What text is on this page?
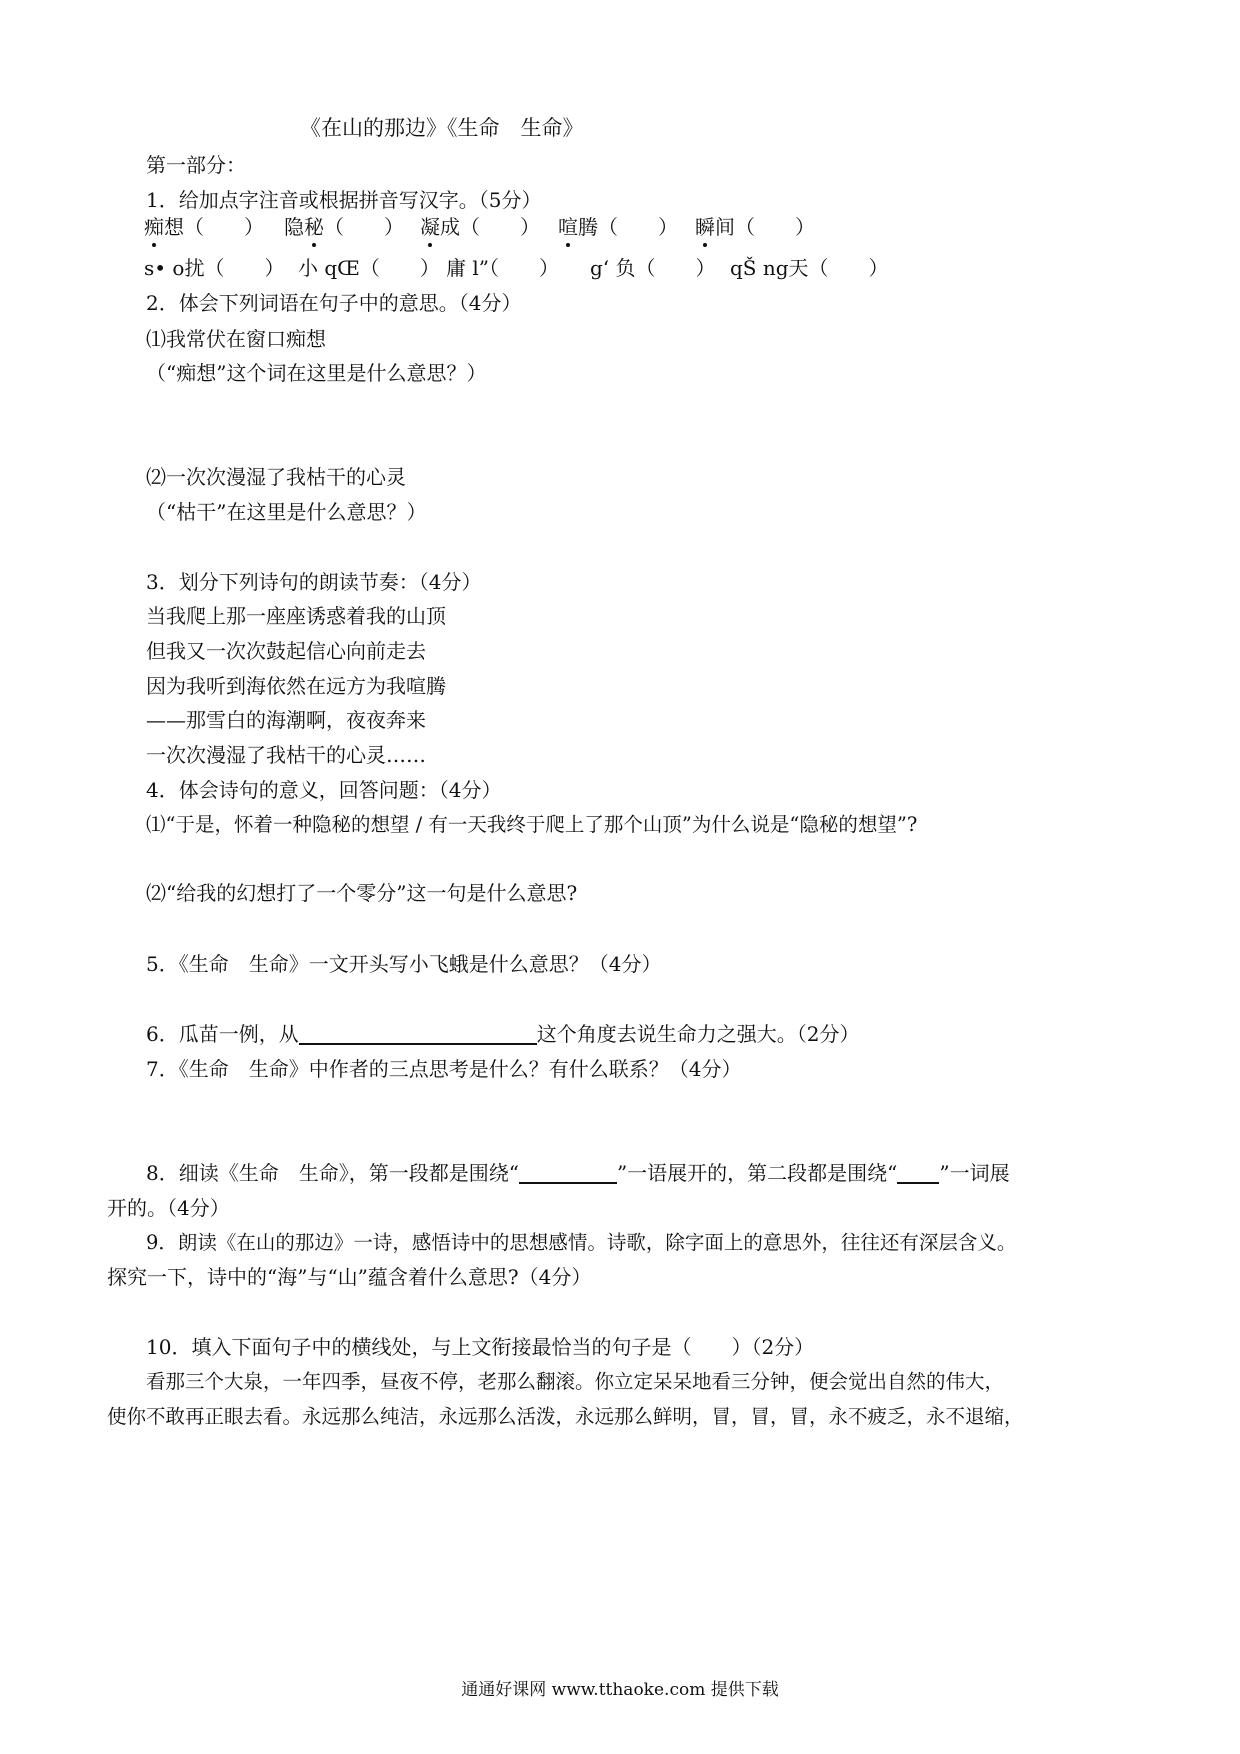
《在山的那边》《生命　生命》
第一部分：
1．给加点字注音或根据拼音写汉字。（5分）
痴想（　　） 隐秘（　　） 凝成（　　） 喧腾（　　） 瞬间（　　）
s• o扰（　　） 小 qŒ（　　） 庸 l”（　　） g‘ 负（　　） qŠ ng天（　　）
2．体会下列词语在句子中的意思。（4分）
⑴我常伏在窗口痴想
（“痴想”这个词在这里是什么意思？）
⑵一次次漫湿了我枯干的心灵
（“枯干”在这里是什么意思？）
3．划分下列诗句的朗读节奏：（4分）
当我爬上那一座座诱惑着我的山顶
但我又一次次鼓起信心向前走去
因为我听到海依然在远方为我喧腾
——那雪白的海潮啊，夜夜奔来
一次次漫湿了我枯干的心灵……
4．体会诗句的意义，回答问题：（4分）
⑴“于是，怀着一种隐秘的想望 / 有一天我终于爬上了那个山顶”为什么说是“隐秘的想望”?
⑵“给我的幻想打了一个零分”这一句是什么意思?
5．《生命　生命》一文开头写小飞蛾是什么意思？（4分）
6．瓜苗一例，从	这个角度去说生命力之强大。（2分）
7．《生命　生命》中作者的三点思考是什么？有什么联系？（4分）
8．细读《生命　生命》，第一段都是围绕“	”一语展开的，第二段都是围绕“ ”一词展
开的。（4分）
9．朗读《在山的那边》一诗，感悟诗中的思想感情。诗歌，除字面上的意思外，往往还有深层含义。
探究一下，诗中的“海”与“山”蕴含着什么意思?（4分）
10．填入下面句子中的横线处，与上文衔接最恰当的句子是（　　）（2分）
看那三个大泉，一年四季，昼夜不停，老那么翻滚。你立定呆呆地看三分钟，便会觉出自然的伟大，
使你不敢再正眼去看。永远那么纯洁，永远那么活泼，永远那么鲜明，冒，冒，冒，永不疲乏，永不退缩，
通通好课网 www.tthaoke.com 提供下载
